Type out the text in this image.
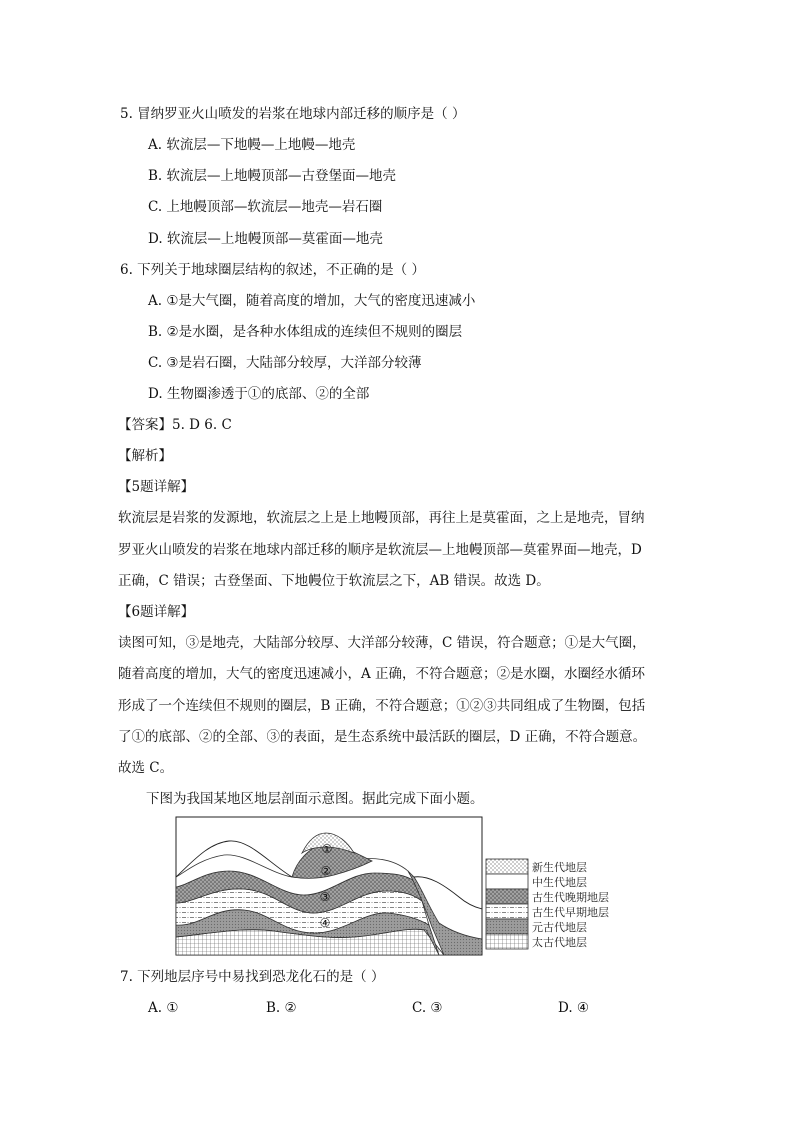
5. 冒纳罗亚火山喷发的岩浆在地球内部迁移的顺序是（ ）
A. 软流层—下地幔—上地幔—地壳
B. 软流层—上地幔顶部—古登堡面—地壳
C. 上地幔顶部—软流层—地壳—岩石圈
D. 软流层—上地幔顶部—莫霍面—地壳
6. 下列关于地球圈层结构的叙述，不正确的是（ ）
A. ①是大气圈，随着高度的增加，大气的密度迅速减小
B. ②是水圈，是各种水体组成的连续但不规则的圈层
C. ③是岩石圈，大陆部分较厚，大洋部分较薄
D. 生物圈渗透于①的底部、②的全部
【答案】5. D 6. C
【解析】
【5题详解】
软流层是岩浆的发源地，软流层之上是上地幔顶部，再往上是莫霍面，之上是地壳，冒纳
罗亚火山喷发的岩浆在地球内部迁移的顺序是软流层—上地幔顶部—莫霍界面—地壳，D
正确，C 错误；古登堡面、下地幔位于软流层之下，AB 错误。故选 D。
【6题详解】
读图可知，③是地壳，大陆部分较厚、大洋部分较薄，C 错误，符合题意；①是大气圈，
随着高度的增加，大气的密度迅速减小，A 正确，不符合题意；②是水圈，水圈经水循环
形成了一个连续但不规则的圈层，B 正确，不符合题意；①②③共同组成了生物圈，包括
了①的底部、②的全部、③的表面，是生态系统中最活跃的圈层，D 正确，不符合题意。
故选 C。
下图为我国某地区地层剖面示意图。据此完成下面小题。
①
②
③
④
新生代地层
中生代地层
古生代晚期地层
古生代早期地层
元古代地层
太古代地层
7. 下列地层序号中易找到恐龙化石的是（ ）
A. ①	B. ②	C. ③	D. ④
